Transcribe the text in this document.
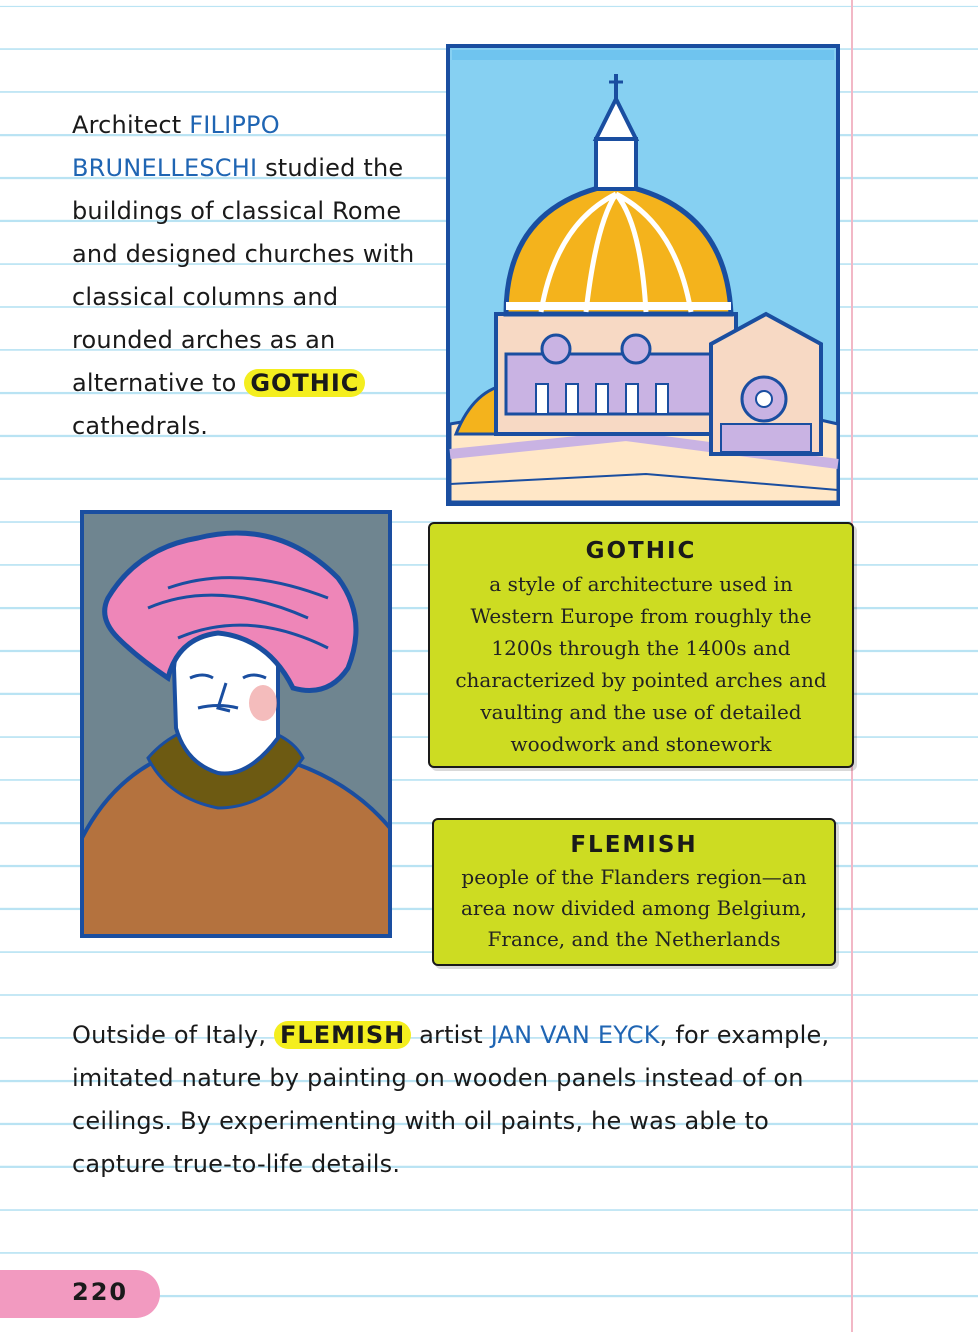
Architect FILIPPO BRUNELLESCHI studied the buildings of classical Rome and designed churches with classical columns and rounded arches as an alternative to GOTHIC cathedrals.

GOTHIC
a style of architecture used in Western Europe from roughly the 1200s through the 1400s and characterized by pointed arches and vaulting and the use of detailed woodwork and stonework
FLEMISH
people of the Flanders region—an area now divided among Belgium, France, and the Netherlands

Outside of Italy, FLEMISH artist JAN VAN EYCK, for example, imitated nature by painting on wooden panels instead of on ceilings. By experimenting with oil paints, he was able to capture true-to-life details.

220
